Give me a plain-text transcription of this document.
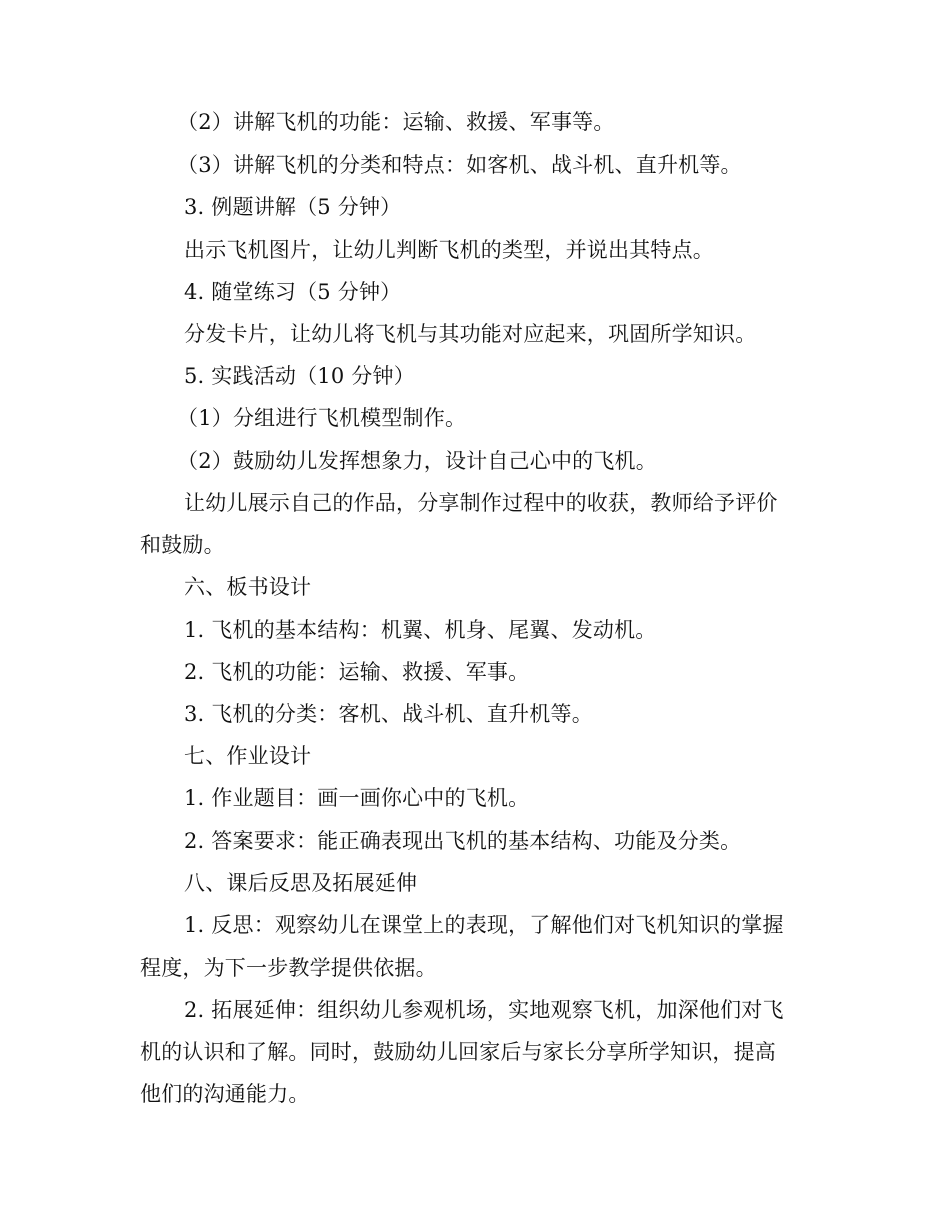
（2）讲解飞机的功能：运输、救援、军事等。
（3）讲解飞机的分类和特点：如客机、战斗机、直升机等。
3. 例题讲解（5 分钟）
出示飞机图片，让幼儿判断飞机的类型，并说出其特点。
4. 随堂练习（5 分钟）
分发卡片，让幼儿将飞机与其功能对应起来，巩固所学知识。
5. 实践活动（10 分钟）
（1）分组进行飞机模型制作。
（2）鼓励幼儿发挥想象力，设计自己心中的飞机。
让幼儿展示自己的作品，分享制作过程中的收获，教师给予评价
和鼓励。
六、板书设计
1. 飞机的基本结构：机翼、机身、尾翼、发动机。
2. 飞机的功能：运输、救援、军事。
3. 飞机的分类：客机、战斗机、直升机等。
七、作业设计
1. 作业题目：画一画你心中的飞机。
2. 答案要求：能正确表现出飞机的基本结构、功能及分类。
八、课后反思及拓展延伸
1. 反思：观察幼儿在课堂上的表现，了解他们对飞机知识的掌握
程度，为下一步教学提供依据。
2. 拓展延伸：组织幼儿参观机场，实地观察飞机，加深他们对飞
机的认识和了解。同时，鼓励幼儿回家后与家长分享所学知识，提高
他们的沟通能力。
